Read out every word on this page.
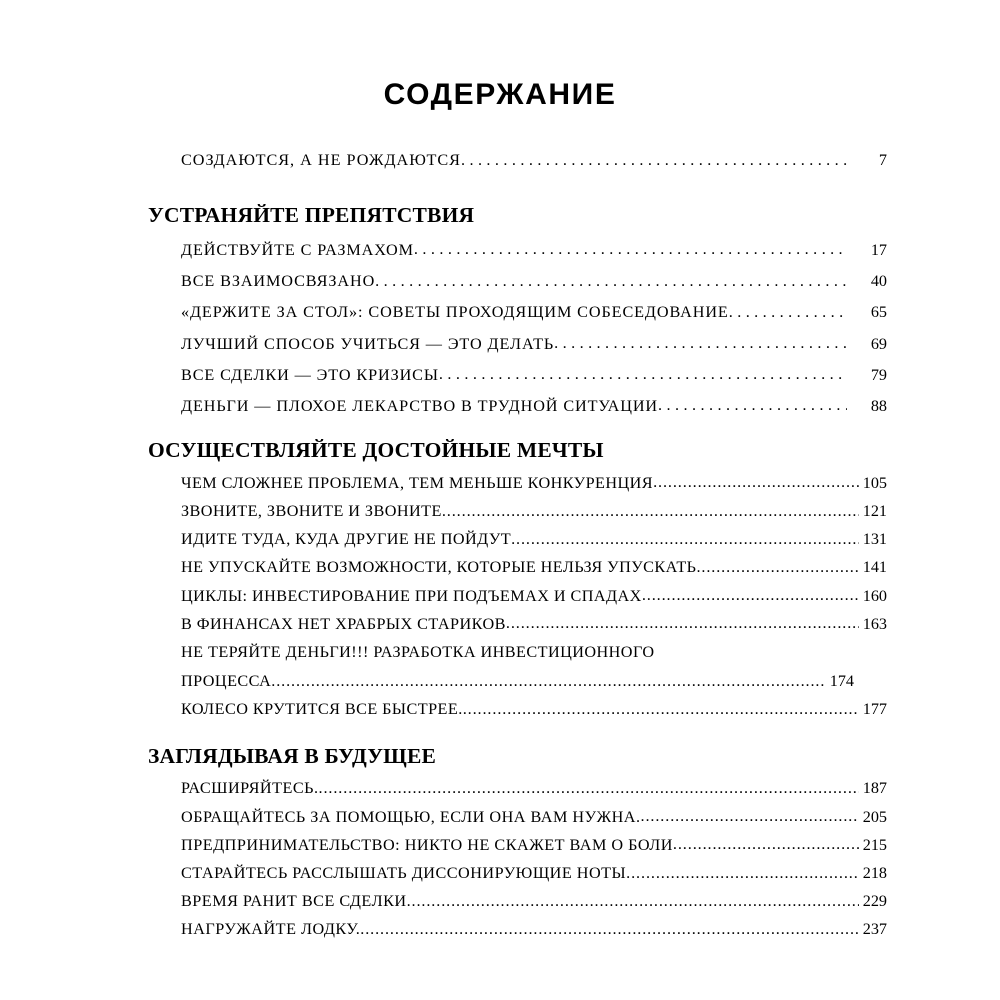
СОДЕРЖАНИЕ
СОЗДАЮТСЯ, А НЕ РОЖДАЮТСЯ . . .	7
УСТРАНЯЙТЕ ПРЕПЯТСТВИЯ
ДЕЙСТВУЙТЕ С РАЗМАХОМ . . .	17
ВСЕ ВЗАИМОСВЯЗАНО . . .	40
«ДЕРЖИТЕ ЗА СТОЛ»: СОВЕТЫ ПРОХОДЯЩИМ СОБЕСЕДОВАНИЕ . . .	65
ЛУЧШИЙ СПОСОБ УЧИТЬСЯ — ЭТО ДЕЛАТЬ . . .	69
ВСЕ СДЕЛКИ — ЭТО КРИЗИСЫ . . .	79
ДЕНЬГИ — ПЛОХОЕ ЛЕКАРСТВО В ТРУДНОЙ СИТУАЦИИ . . .	88
ОСУЩЕСТВЛЯЙТЕ ДОСТОЙНЫЕ МЕЧТЫ
ЧЕМ СЛОЖНЕЕ ПРОБЛЕМА, ТЕМ МЕНЬШЕ КОНКУРЕНЦИЯ .....	105
ЗВОНИТЕ, ЗВОНИТЕ И ЗВОНИТЕ .....	121
ИДИТЕ ТУДА, КУДА ДРУГИЕ НЕ ПОЙДУТ .....	131
НЕ УПУСКАЙТЕ ВОЗМОЖНОСТИ, КОТОРЫЕ НЕЛЬЗЯ УПУСКАТЬ .....	141
ЦИКЛЫ: ИНВЕСТИРОВАНИЕ ПРИ ПОДЪЕМАХ И СПАДАХ .....	160
В ФИНАНСАХ НЕТ ХРАБРЫХ СТАРИКОВ .....	163
НЕ ТЕРЯЙТЕ ДЕНЬГИ!!! РАЗРАБОТКА ИНВЕСТИЦИОННОГО
ПРОЦЕССА .....	174
КОЛЕСО КРУТИТСЯ ВСЕ БЫСТРЕЕ. .....	177
ЗАГЛЯДЫВАЯ В БУДУЩЕЕ
РАСШИРЯЙТЕСЬ. .....	187
ОБРАЩАЙТЕСЬ ЗА ПОМОЩЬЮ, ЕСЛИ ОНА ВАМ НУЖНА. .....	205
ПРЕДПРИНИМАТЕЛЬСТВО: НИКТО НЕ СКАЖЕТ ВАМ О БОЛИ .....	215
СТАРАЙТЕСЬ РАССЛЫШАТЬ ДИССОНИРУЮЩИЕ НОТЫ .....	218
ВРЕМЯ РАНИТ ВСЕ СДЕЛКИ .....	229
НАГРУЖАЙТЕ ЛОДКУ. .....	237
